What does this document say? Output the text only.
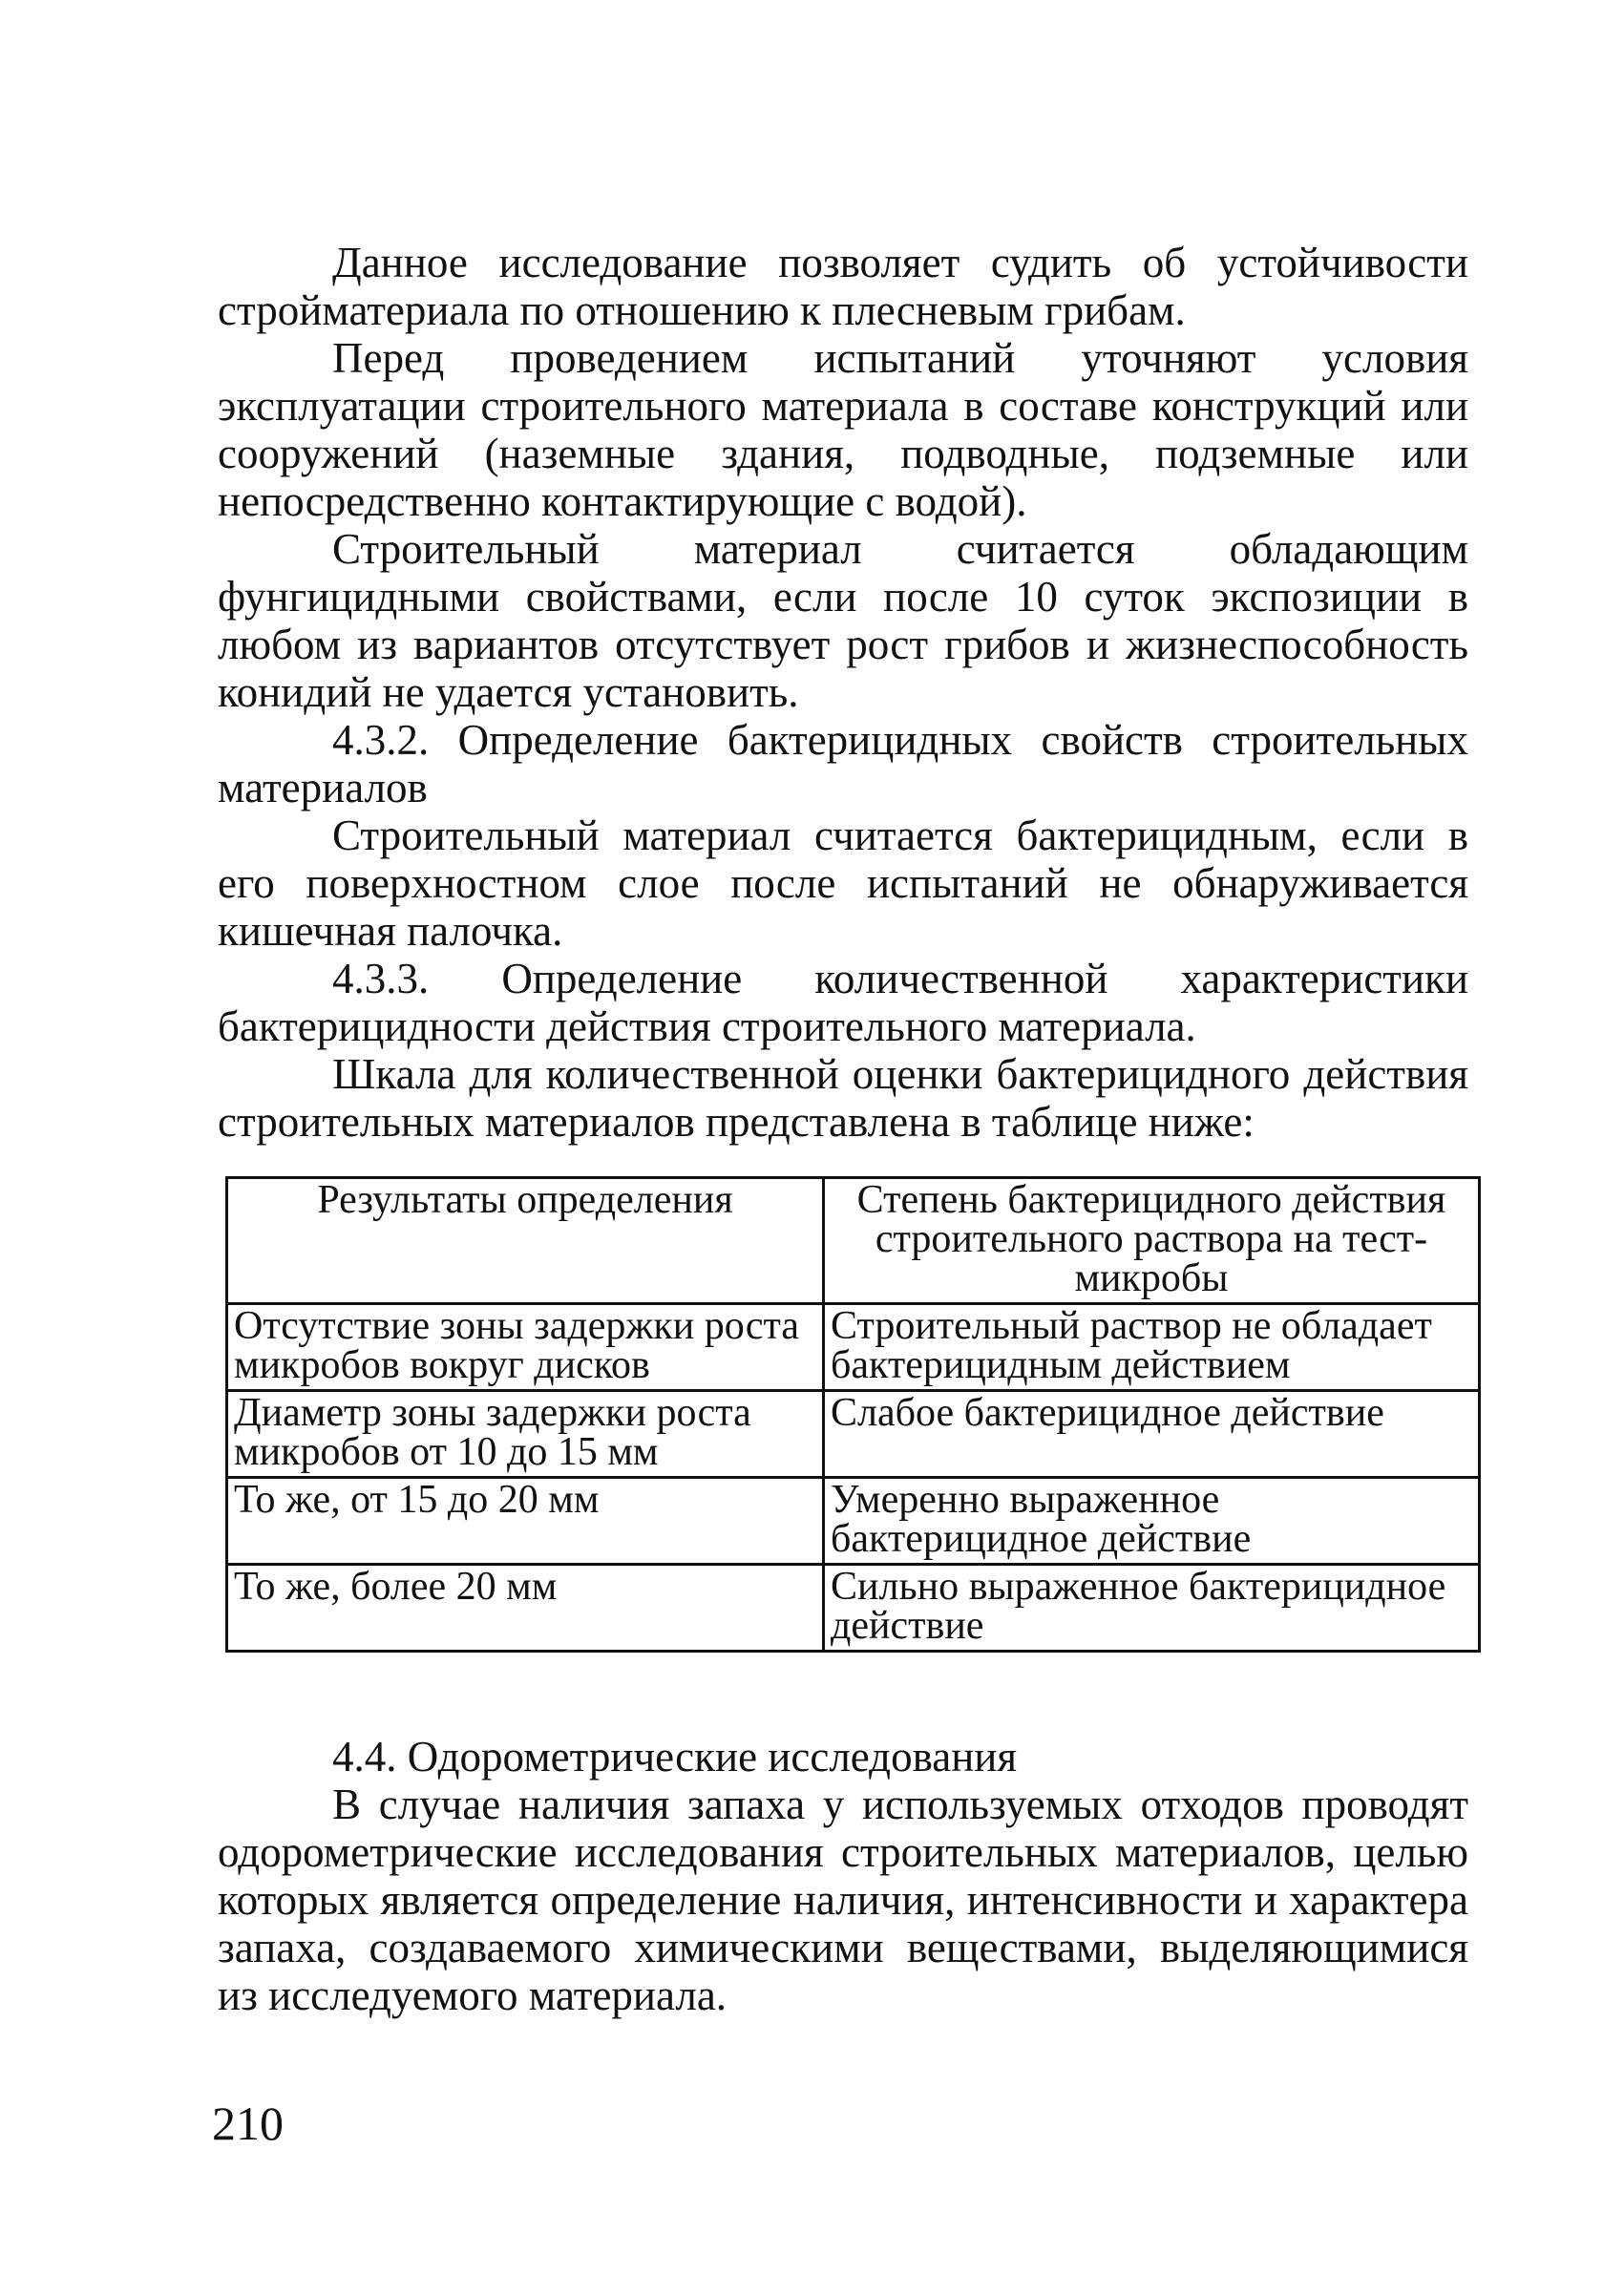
Данное исследование позволяет судить об устойчивости стройматериала по отношению к плесневым грибам.

Перед проведением испытаний уточняют условия эксплуатации строительного материала в составе конструкций или сооружений (наземные здания, подводные, подземные или непосредственно контактирующие с водой).

Строительный материал считается обладающим фунгицидными свойствами, если после 10 суток экспозиции в любом из вариантов отсутствует рост грибов и жизнеспособность конидий не удается установить.

4.3.2. Определение бактерицидных свойств строительных материалов

Строительный материал считается бактерицидным, если в его поверхностном слое после испытаний не обнаруживается кишечная палочка.

4.3.3. Определение количественной характеристики бактерицидности действия строительного материала.

Шкала для количественной оценки бактерицидного действия строительных материалов представлена в таблице ниже:

Результаты определения	Степень бактерицидного действия строительного раствора на тест-микробы
Отсутствие зоны задержки роста микробов вокруг дисков	Строительный раствор не обладает бактерицидным действием
Диаметр зоны задержки роста микробов от 10 до 15 мм	Слабое бактерицидное действие
То же, от 15 до 20 мм	Умеренно выраженное бактерицидное действие
То же, более 20 мм	Сильно выраженное бактерицидное действие

4.4. Одорометрические исследования

В случае наличия запаха у используемых отходов проводят одорометрические исследования строительных материалов, целью которых является определение наличия, интенсивности и характера запаха, создаваемого химическими веществами, выделяющимися из исследуемого материала.

210
